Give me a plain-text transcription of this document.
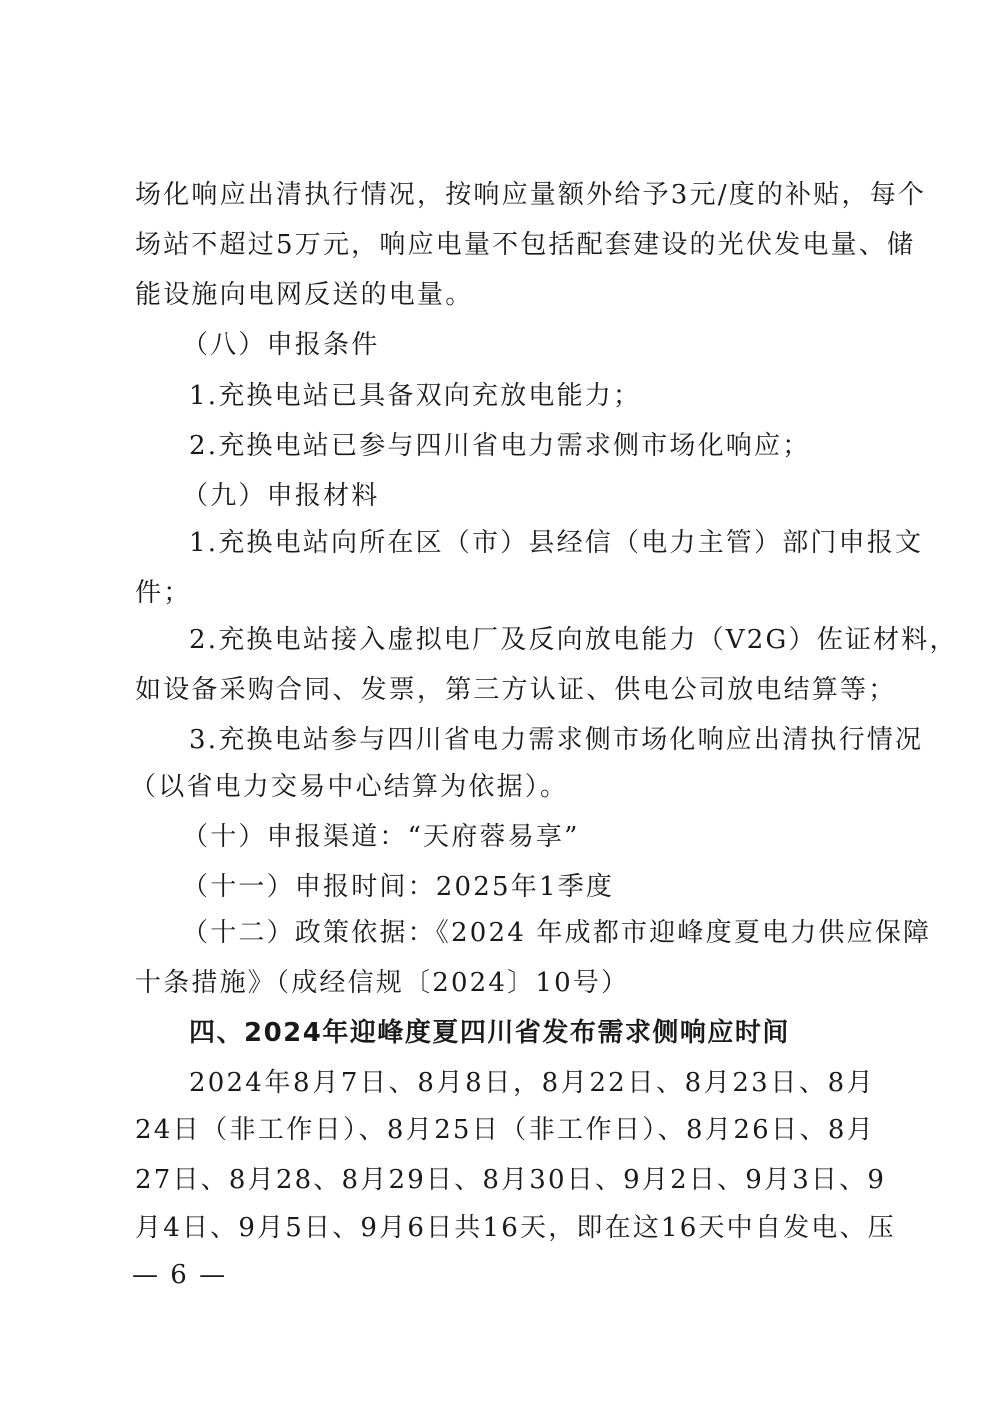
场化响应出清执行情况，按响应量额外给予3元/度的补贴，每个
场站不超过5万元，响应电量不包括配套建设的光伏发电量、储
能设施向电网反送的电量。
（八）申报条件
1.充换电站已具备双向充放电能力；
2.充换电站已参与四川省电力需求侧市场化响应；
（九）申报材料
1.充换电站向所在区（市）县经信（电力主管）部门申报文
件；
2.充换电站接入虚拟电厂及反向放电能力（V2G）佐证材料，
如设备采购合同、发票，第三方认证、供电公司放电结算等；
3.充换电站参与四川省电力需求侧市场化响应出清执行情况
（以省电力交易中心结算为依据）。
（十）申报渠道：“天府蓉易享”
（十一）申报时间：2025年1季度
（十二）政策依据：《2024 年成都市迎峰度夏电力供应保障
十条措施》（成经信规〔2024〕10号）
四、2024年迎峰度夏四川省发布需求侧响应时间
2024年8月7日、8月8日，8月22日、8月23日、8月
24日（非工作日）、8月25日（非工作日）、8月26日、8月
27日、8月28、8月29日、8月30日、9月2日、9月3日、9
月4日、9月5日、9月6日共16天，即在这16天中自发电、压
— 6 —
